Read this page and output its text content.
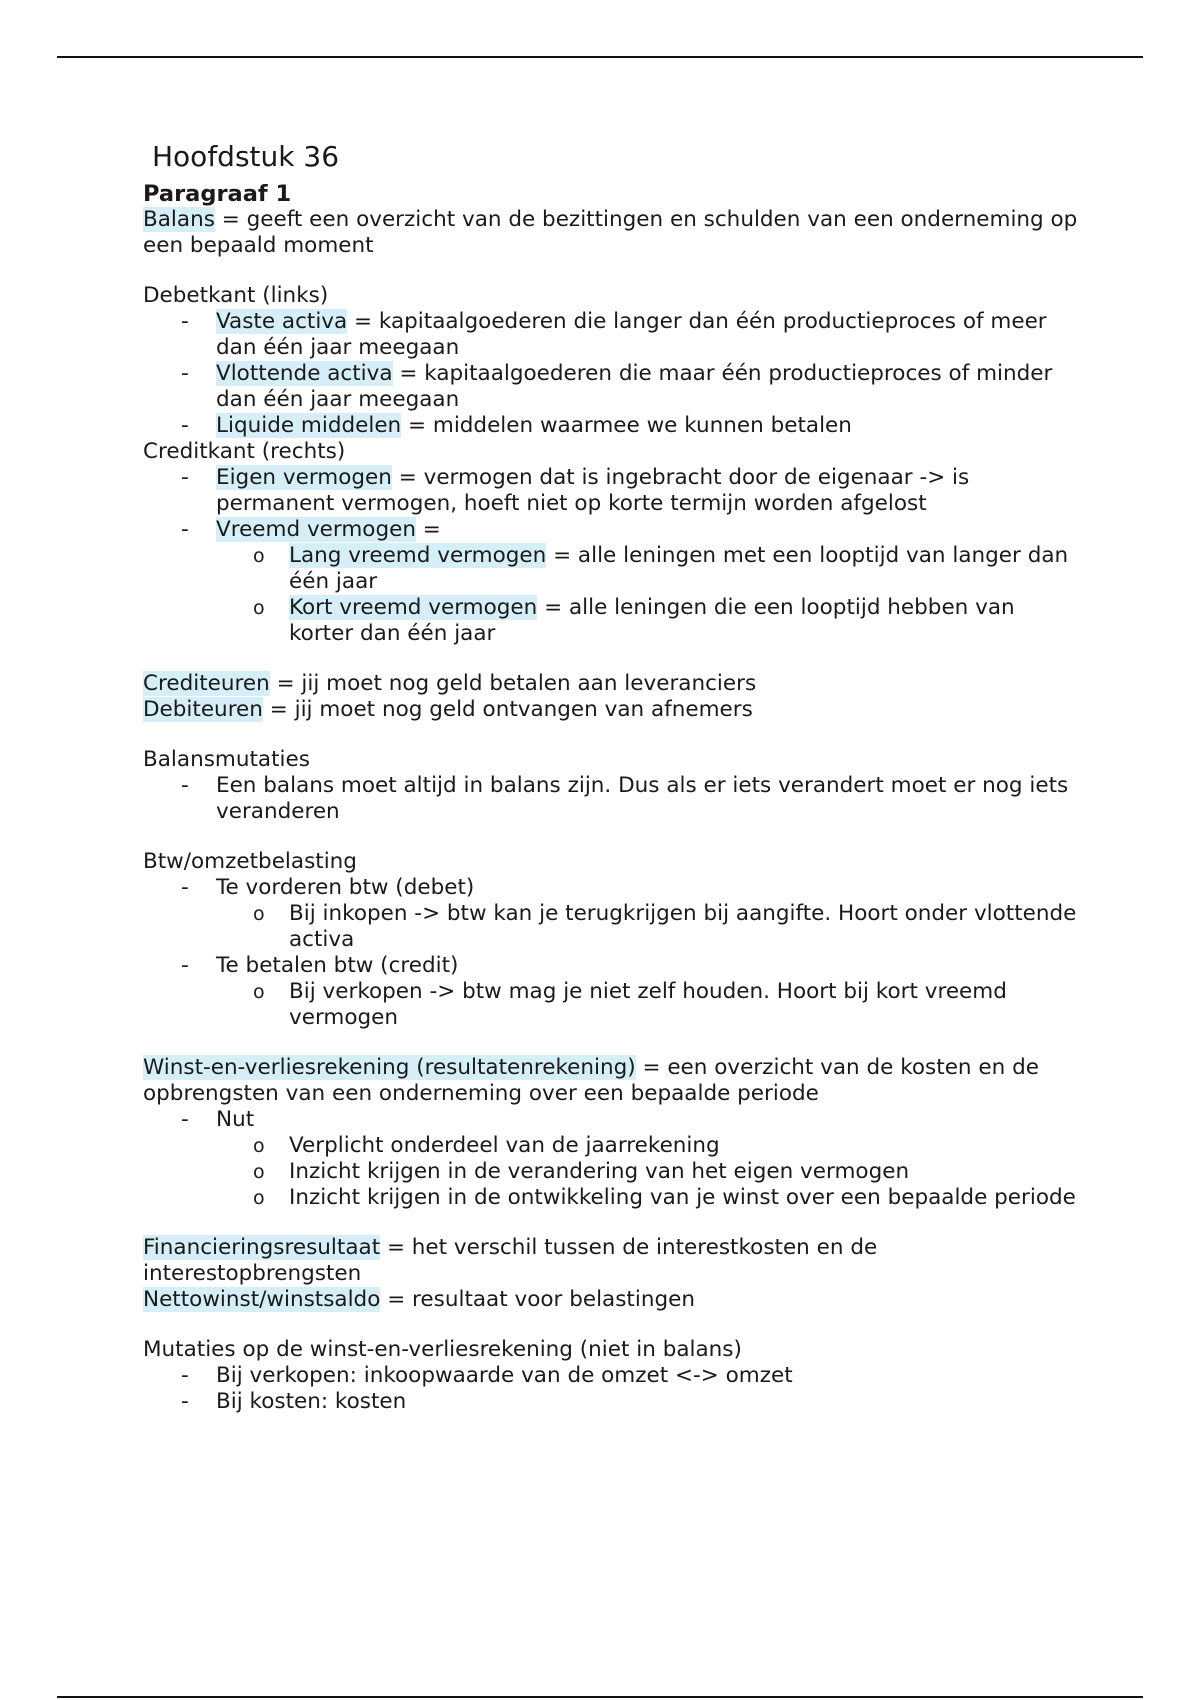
Hoofdstuk 36

Paragraaf 1

Balans = geeft een overzicht van de bezittingen en schulden van een onderneming op een bepaald moment

Debetkant (links)

- Vaste activa = kapitaalgoederen die langer dan één productieproces of meer dan één jaar meegaan

- Vlottende activa = kapitaalgoederen die maar één productieproces of minder dan één jaar meegaan

- Liquide middelen = middelen waarmee we kunnen betalen

Creditkant (rechts)

- Eigen vermogen = vermogen dat is ingebracht door de eigenaar -> is permanent vermogen, hoeft niet op korte termijn worden afgelost

- Vreemd vermogen =

o Lang vreemd vermogen = alle leningen met een looptijd van langer dan één jaar

o Kort vreemd vermogen = alle leningen die een looptijd hebben van korter dan één jaar

Crediteuren = jij moet nog geld betalen aan leveranciers

Debiteuren = jij moet nog geld ontvangen van afnemers

Balansmutaties

- Een balans moet altijd in balans zijn. Dus als er iets verandert moet er nog iets veranderen

Btw/omzetbelasting

- Te vorderen btw (debet)

o Bij inkopen -> btw kan je terugkrijgen bij aangifte. Hoort onder vlottende activa

- Te betalen btw (credit)

o Bij verkopen -> btw mag je niet zelf houden. Hoort bij kort vreemd vermogen

Winst-en-verliesrekening (resultatenrekening) = een overzicht van de kosten en de opbrengsten van een onderneming over een bepaalde periode

- Nut

o Verplicht onderdeel van de jaarrekening

o Inzicht krijgen in de verandering van het eigen vermogen

o Inzicht krijgen in de ontwikkeling van je winst over een bepaalde periode

Financieringsresultaat = het verschil tussen de interestkosten en de interestopbrengsten

Nettowinst/winstsaldo = resultaat voor belastingen

Mutaties op de winst-en-verliesrekening (niet in balans)

- Bij verkopen: inkoopwaarde van de omzet <-> omzet

- Bij kosten: kosten
